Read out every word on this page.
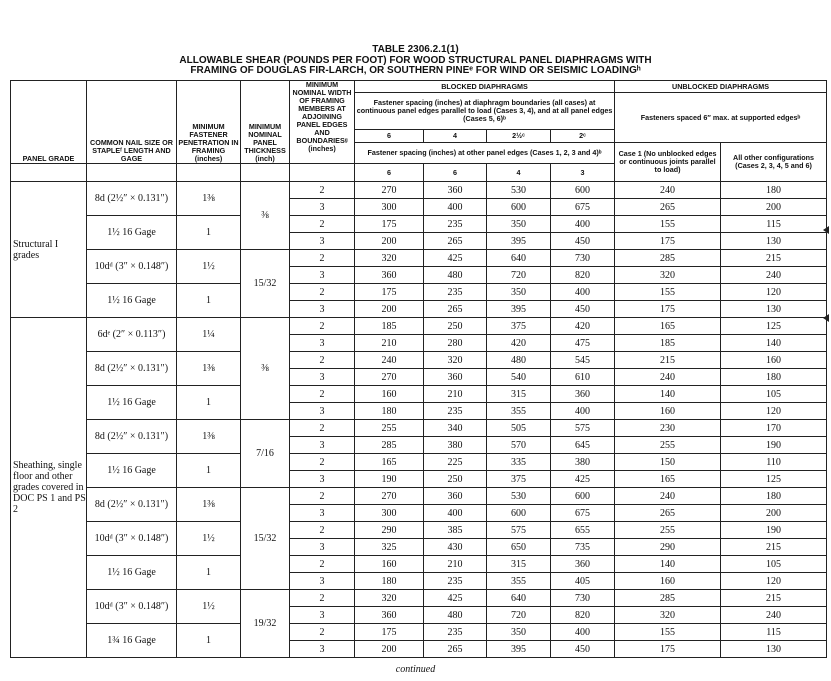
TABLE 2306.2.1(1)
ALLOWABLE SHEAR (POUNDS PER FOOT) FOR WOOD STRUCTURAL PANEL DIAPHRAGMS WITH
FRAMING OF DOUGLAS FIR-LARCH, OR SOUTHERN PINEᵉ FOR WIND OR SEISMIC LOADINGʰ
PANEL GRADE	COMMON NAIL SIZE OR STAPLEᶠ LENGTH AND GAGE	MINIMUM FASTENER PENETRATION IN FRAMING (inches)	MINIMUM NOMINAL PANEL THICKNESS (inch)	MINIMUM NOMINAL WIDTH OF FRAMING MEMBERS AT ADJOINING PANEL EDGES AND BOUNDARIESᵍ (inches)	BLOCKED DIAPHRAGMS				UNBLOCKED DIAPHRAGMS	
					Fastener spacing (inches) at diaphragm boundaries (all cases) at continuous panel edges parallel to load (Cases 3, 4), and at all panel edges (Cases 5, 6)ᵇ				Fasteners spaced 6″ max. at supported edgesᵇ	
					6	4	2½ᶜ	2ᶜ		
					Fastener spacing (inches) at other panel edges (Cases 1, 2, 3 and 4)ᵇ				Case 1 (No unblocked edges or continuous joints parallel to load)	All other configurations (Cases 2, 3, 4, 5 and 6)
					6	6	4	3		
Structural I grades	8d (2½″ × 0.131″)	1⅜	⅜	2	270	360	530	600	240	180
				3	300	400	600	675	265	200
	1½ 16 Gage	1		2	175	235	350	400	155	115
				3	200	265	395	450	175	130
	10dᵈ (3″ × 0.148″)	1½	15/32	2	320	425	640	730	285	215
				3	360	480	720	820	320	240
	1½ 16 Gage	1		2	175	235	350	400	155	120
				3	200	265	395	450	175	130
Sheathing, single floor and other grades covered in DOC PS 1 and PS 2	6dᵉ (2″ × 0.113″)	1¼	⅜	2	185	250	375	420	165	125
				3	210	280	420	475	185	140
	8d (2½″ × 0.131″)	1⅜		2	240	320	480	545	215	160
				3	270	360	540	610	240	180
	1½ 16 Gage	1		2	160	210	315	360	140	105
				3	180	235	355	400	160	120
	8d (2½″ × 0.131″)	1⅜	7/16	2	255	340	505	575	230	170
				3	285	380	570	645	255	190
	1½ 16 Gage	1		2	165	225	335	380	150	110
				3	190	250	375	425	165	125
	8d (2½″ × 0.131″)	1⅜	15/32	2	270	360	530	600	240	180
				3	300	400	600	675	265	200
	10dᵈ (3″ × 0.148″)	1½		2	290	385	575	655	255	190
				3	325	430	650	735	290	215
	1½ 16 Gage	1		2	160	210	315	360	140	105
				3	180	235	355	405	160	120
	10dᵈ (3″ × 0.148″)	1½	19/32	2	320	425	640	730	285	215
				3	360	480	720	820	320	240
	1¾ 16 Gage	1		2	175	235	350	400	155	115
				3	200	265	395	450	175	130
continued
